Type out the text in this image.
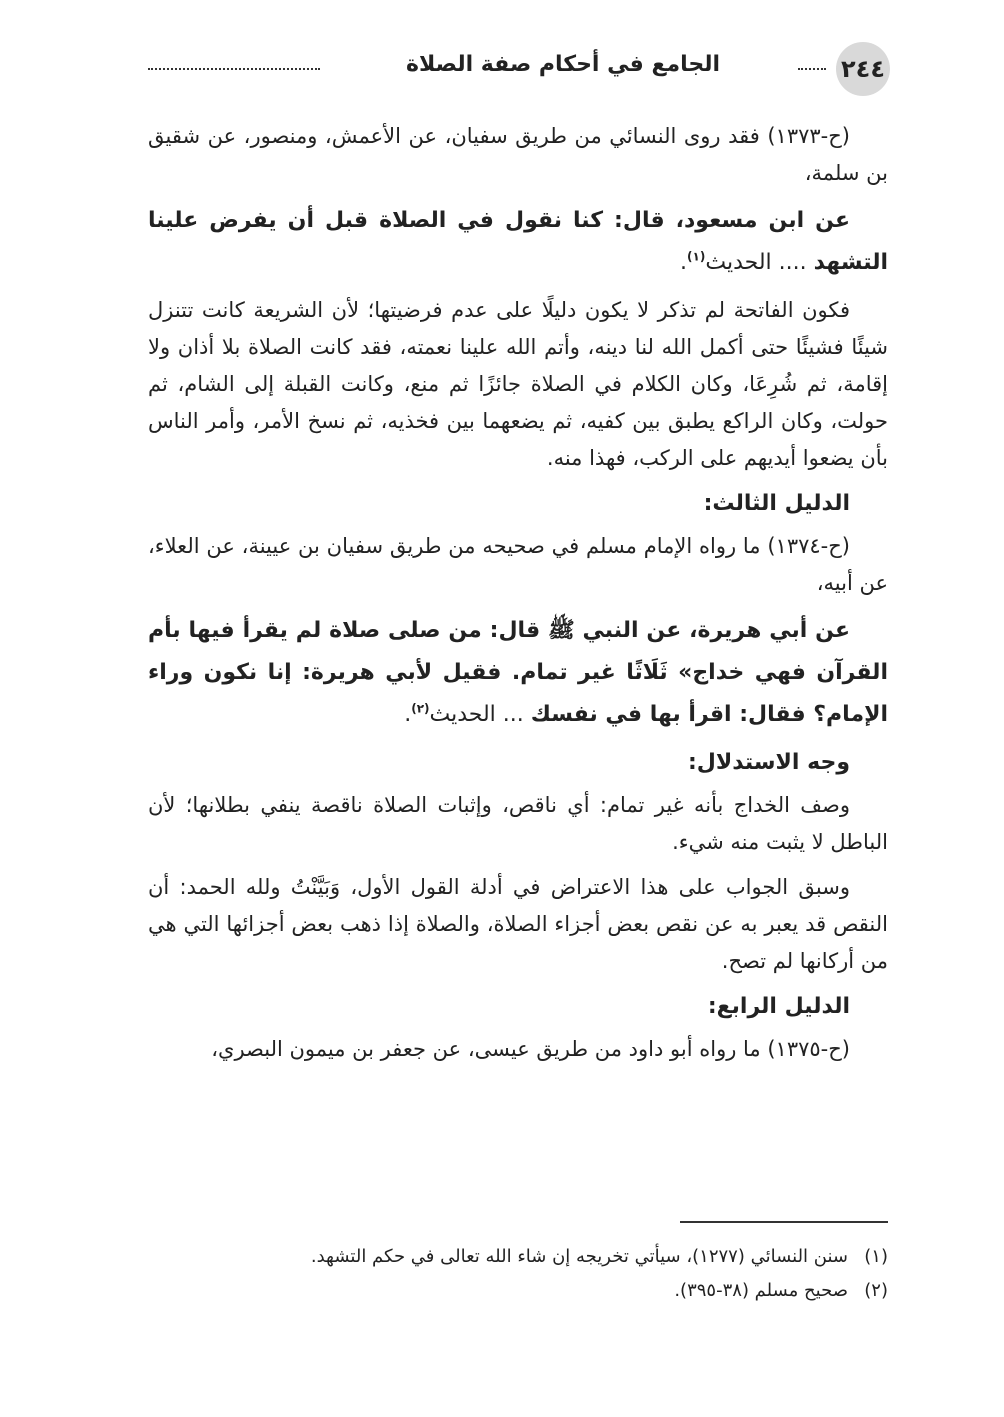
٢٤٤
الجامع في أحكام صفة الصلاة

(ح-١٣٧٣) فقد روى النسائي من طريق سفيان، عن الأعمش، ومنصور، عن شقيق بن سلمة،

عن ابن مسعود، قال: كنا نقول في الصلاة قبل أن يفرض علينا التشهد .... الحديث$^{(١)}$.

فكون الفاتحة لم تذكر لا يكون دليلًا على عدم فرضيتها؛ لأن الشريعة كانت تتنزل شيئًا فشيئًا حتى أكمل الله لنا دينه، وأتم الله علينا نعمته، فقد كانت الصلاة بلا أذان ولا إقامة، ثم شُرِعَا، وكان الكلام في الصلاة جائزًا ثم منع، وكانت القبلة إلى الشام، ثم حولت، وكان الراكع يطبق بين كفيه، ثم يضعهما بين فخذيه، ثم نسخ الأمر، وأمر الناس بأن يضعوا أيديهم على الركب، فهذا منه.

الدليل الثالث:

(ح-١٣٧٤) ما رواه الإمام مسلم في صحيحه من طريق سفيان بن عيينة، عن العلاء، عن أبيه،

عن أبي هريرة، عن النبي ﷺ قال: من صلى صلاة لم يقرأ فيها بأم القرآن فهي خداج» ثَلَاثًا غير تمام. فقيل لأبي هريرة: إنا نكون وراء الإمام؟ فقال: اقرأ بها في نفسك ... الحديث$^{(٢)}$.

وجه الاستدلال:

وصف الخداج بأنه غير تمام: أي ناقص، وإثبات الصلاة ناقصة ينفي بطلانها؛ لأن الباطل لا يثبت منه شيء.

وسبق الجواب على هذا الاعتراض في أدلة القول الأول، وَبَيَّنْتُ ولله الحمد: أن النقص قد يعبر به عن نقص بعض أجزاء الصلاة، والصلاة إذا ذهب بعض أجزائها التي هي من أركانها لم تصح.

الدليل الرابع:

(ح-١٣٧٥) ما رواه أبو داود من طريق عيسى، عن جعفر بن ميمون البصري،

(١)سنن النسائي (١٢٧٧)، سيأتي تخريجه إن شاء الله تعالى في حكم التشهد.

(٢)صحيح مسلم (٣٨-٣٩٥).
